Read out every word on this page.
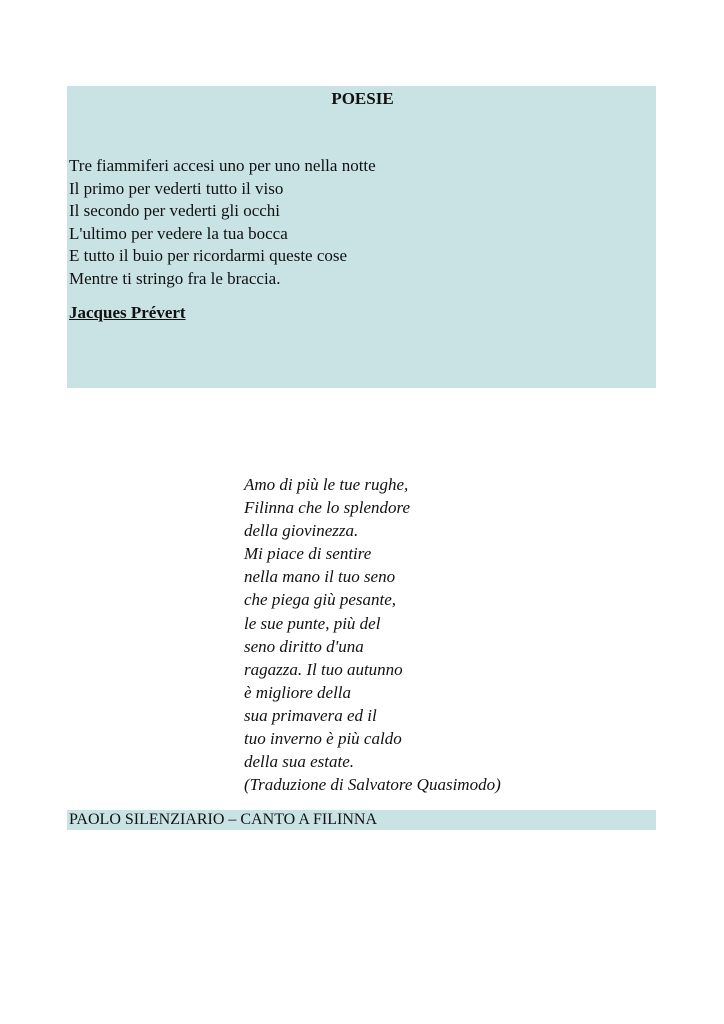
POESIE
Tre fiammiferi accesi uno per uno nella notte
Il primo per vederti tutto il viso
Il secondo per vederti gli occhi
L'ultimo per vedere la tua bocca
E tutto il buio per ricordarmi queste cose
Mentre ti stringo fra le braccia.
Jacques Prévert
Amo di più le tue rughe,
Filinna che lo splendore
della giovinezza.
Mi piace di sentire
nella mano il tuo seno
che piega giù pesante,
le sue punte, più del
seno diritto d'una
ragazza. Il tuo autunno
è migliore della
sua primavera ed il
tuo inverno è più caldo
della sua estate.
(Traduzione di Salvatore Quasimodo)
PAOLO SILENZIARIO – CANTO A FILINNA
